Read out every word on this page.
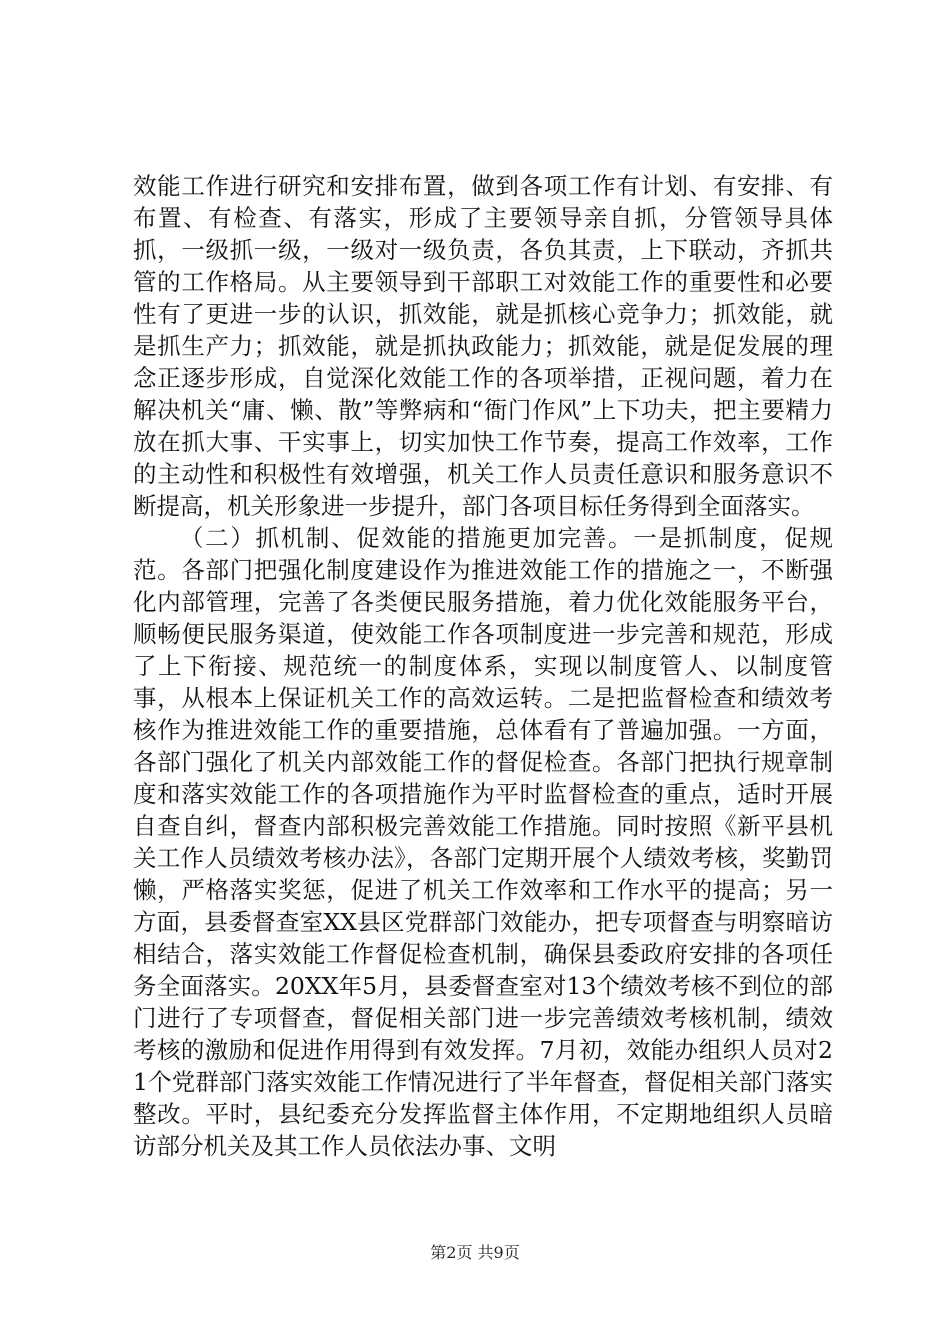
效能工作进行研究和安排布置，做到各项工作有计划、有安排、有布置、有检查、有落实，形成了主要领导亲自抓，分管领导具体抓，一级抓一级，一级对一级负责，各负其责，上下联动，齐抓共管的工作格局。从主要领导到干部职工对效能工作的重要性和必要性有了更进一步的认识，抓效能，就是抓核心竞争力；抓效能，就是抓生产力；抓效能，就是抓执政能力；抓效能，就是促发展的理念正逐步形成，自觉深化效能工作的各项举措，正视问题，着力在解决机关“庸、懒、散”等弊病和“衙门作风”上下功夫，把主要精力放在抓大事、干实事上，切实加快工作节奏，提高工作效率，工作的主动性和积极性有效增强，机关工作人员责任意识和服务意识不断提高，机关形象进一步提升，部门各项目标任务得到全面落实。

（二）抓机制、促效能的措施更加完善。一是抓制度，促规范。各部门把强化制度建设作为推进效能工作的措施之一，不断强化内部管理，完善了各类便民服务措施，着力优化效能服务平台，顺畅便民服务渠道，使效能工作各项制度进一步完善和规范，形成了上下衔接、规范统一的制度体系，实现以制度管人、以制度管事，从根本上保证机关工作的高效运转。二是把监督检查和绩效考核作为推进效能工作的重要措施，总体看有了普遍加强。一方面，各部门强化了机关内部效能工作的督促检查。各部门把执行规章制度和落实效能工作的各项措施作为平时监督检查的重点，适时开展自查自纠，督查内部积极完善效能工作措施。同时按照《新平县机关工作人员绩效考核办法》，各部门定期开展个人绩效考核，奖勤罚懒，严格落实奖惩，促进了机关工作效率和工作水平的提高；另一方面，县委督查室XX县区党群部门效能办，把专项督查与明察暗访相结合，落实效能工作督促检查机制，确保县委政府安排的各项任务全面落实。20XX年5月，县委督查室对13个绩效考核不到位的部门进行了专项督查，督促相关部门进一步完善绩效考核机制，绩效考核的激励和促进作用得到有效发挥。7月初，效能办组织人员对21个党群部门落实效能工作情况进行了半年督查，督促相关部门落实整改。平时，县纪委充分发挥监督主体作用，不定期地组织人员暗访部分机关及其工作人员依法办事、文明

第2页 共9页
